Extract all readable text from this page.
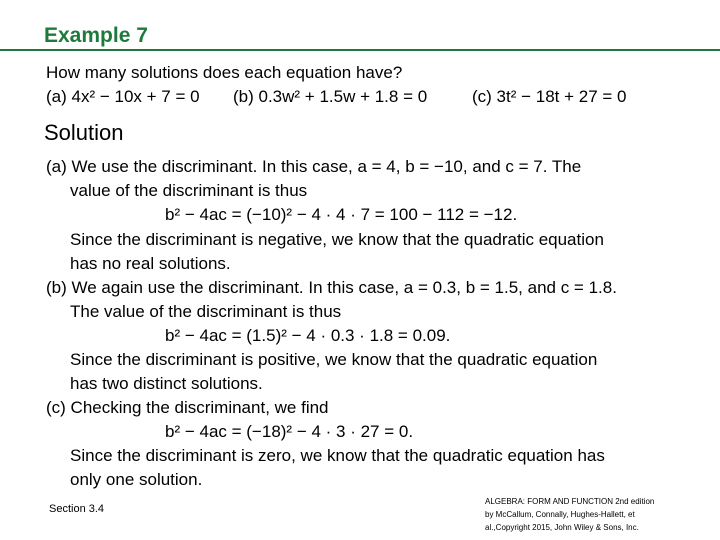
Example 7
How many solutions does each equation have?
(a) 4x² − 10x + 7 = 0 (b) 0.3w² + 1.5w + 1.8 = 0	(c) 3t² − 18t + 27 = 0
Solution
(a) We use the discriminant. In this case, a = 4, b = −10, and c = 7. The
value of the discriminant is thus
b² − 4ac = (−10)² − 4 · 4 · 7 = 100 − 112 = −12.
Since the discriminant is negative, we know that the quadratic equation
has no real solutions.
(b) We again use the discriminant. In this case, a = 0.3, b = 1.5, and c = 1.8.
The value of the discriminant is thus
b² − 4ac = (1.5)² − 4 · 0.3 · 1.8 = 0.09.
Since the discriminant is positive, we know that the quadratic equation
has two distinct solutions.
(c) Checking the discriminant, we find
b² − 4ac = (−18)² − 4 · 3 · 27 = 0.
Since the discriminant is zero, we know that the quadratic equation has
only one solution.
Section 3.4
ALGEBRA: FORM AND FUNCTION 2nd edition
by McCallum, Connally, Hughes-Hallett, et
al.,Copyright 2015, John Wiley & Sons, Inc.
